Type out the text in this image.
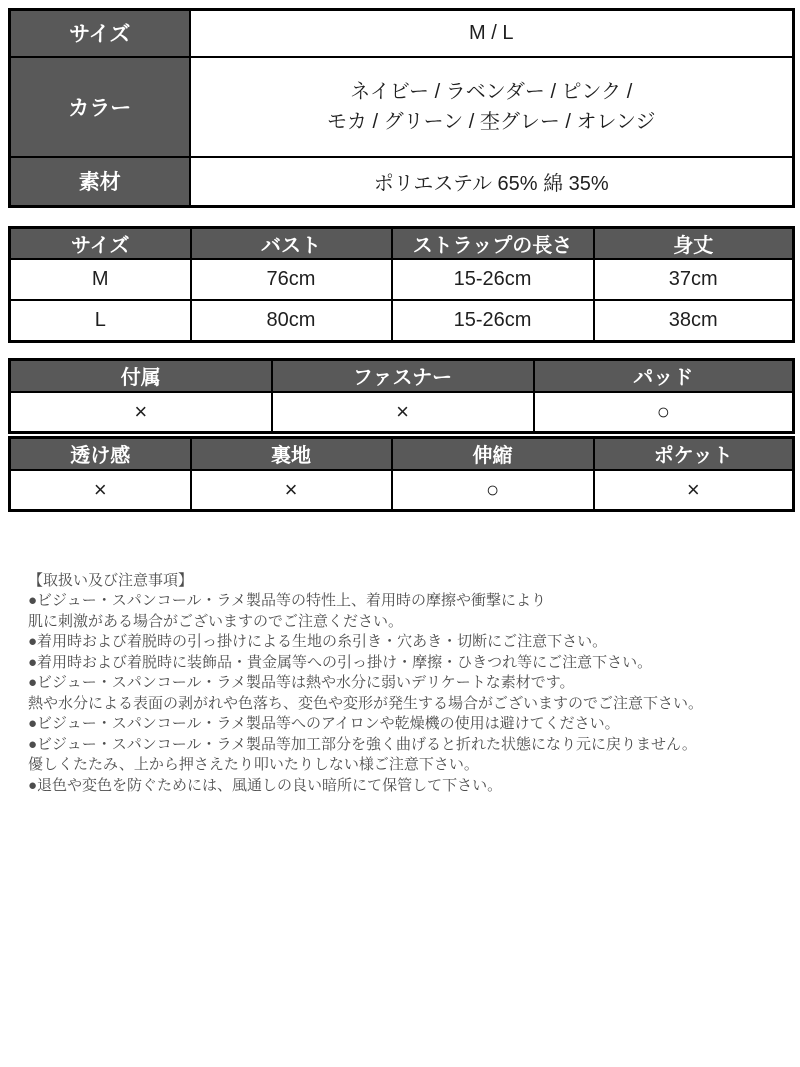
サイズ	M / L
カラー	ネイビー / ラベンダー / ピンク /
モカ / グリーン / 杢グレー / オレンジ

素材	ポリエステル 65% 綿 35%
サイズ	バスト	ストラップの長さ	身丈
M	76cm	15-26cm	37cm
L	80cm	15-26cm	38cm
付属	ファスナー	パッド
×	×	○
透け感	裏地	伸縮	ポケット
×	×	○	×
【取扱い及び注意事項】
●ビジュー・スパンコール・ラメ製品等の特性上、着用時の摩擦や衝撃により
肌に刺激がある場合がございますのでご注意ください。
●着用時および着脱時の引っ掛けによる生地の糸引き・穴あき・切断にご注意下さい。
●着用時および着脱時に装飾品・貴金属等への引っ掛け・摩擦・ひきつれ等にご注意下さい。
●ビジュー・スパンコール・ラメ製品等は熱や水分に弱いデリケートな素材です。
熱や水分による表面の剥がれや色落ち、変色や変形が発生する場合がございますのでご注意下さい。
●ビジュー・スパンコール・ラメ製品等へのアイロンや乾燥機の使用は避けてください。
●ビジュー・スパンコール・ラメ製品等加工部分を強く曲げると折れた状態になり元に戻りません。
優しくたたみ、上から押さえたり叩いたりしない様ご注意下さい。
●退色や変色を防ぐためには、風通しの良い暗所にて保管して下さい。
